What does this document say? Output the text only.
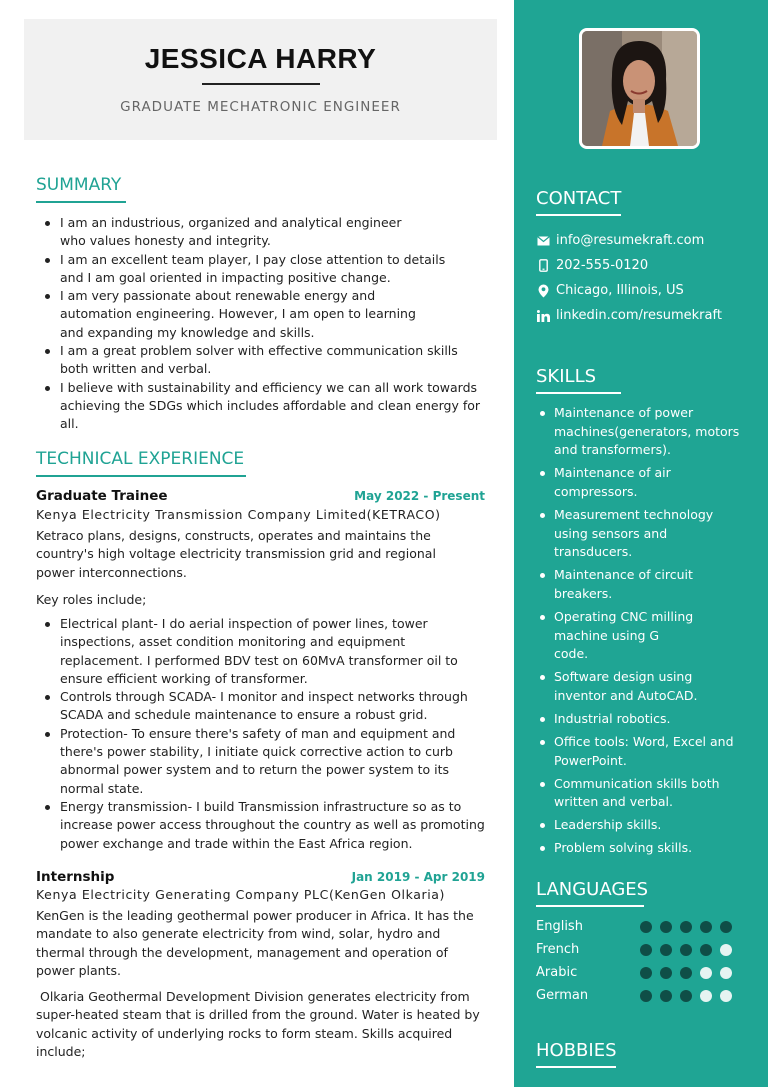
JESSICA HARRY
GRADUATE MECHATRONIC ENGINEER
SUMMARY
I am an industrious, organized and analytical engineer who values honesty and integrity.
I am an excellent team player, I pay close attention to details and I am goal oriented in impacting positive change.
I am very passionate about renewable energy and automation engineering. However, I am open to learning and expanding my knowledge and skills.
I am a great problem solver with effective communication skills both written and verbal.
I believe with sustainability and efficiency we can all work towards achieving the SDGs which includes affordable and clean energy for all.
TECHNICAL EXPERIENCE
Graduate Trainee	May 2022 - Present
Kenya Electricity Transmission Company Limited(KETRACO)
Ketraco plans, designs, constructs, operates and maintains the country's high voltage electricity transmission grid and regional power interconnections.
Key roles include;
Electrical plant- I do aerial inspection of power lines, tower inspections, asset condition monitoring and equipment replacement. I performed BDV test on 60MvA transformer oil to ensure efficient working of transformer.
Controls through SCADA- I monitor and inspect networks through SCADA and schedule maintenance to ensure a robust grid.
Protection- To ensure there's safety of man and equipment and there's power stability, I initiate quick corrective action to curb abnormal power system and to return the power system to its normal state.
Energy transmission- I build Transmission infrastructure so as to increase power access throughout the country as well as promoting power exchange and trade within the East Africa region.
Internship	Jan 2019 - Apr 2019
Kenya Electricity Generating Company PLC(KenGen Olkaria)
KenGen is the leading geothermal power producer in Africa. It has the mandate to also generate electricity from wind, solar, hydro and thermal through the development, management and operation of power plants.
Olkaria Geothermal Development Division generates electricity from super-heated steam that is drilled from the ground. Water is heated by volcanic activity of underlying rocks to form steam. Skills acquired include;
CONTACT
info@resumekraft.com
202-555-0120
Chicago, Illinois, US
linkedin.com/resumekraft
SKILLS
Maintenance of power machines(generators, motors and transformers).
Maintenance of air compressors.
Measurement technology using sensors and transducers.
Maintenance of circuit breakers.
Operating CNC milling machine using G code.
Software design using inventor and AutoCAD.
Industrial robotics.
Office tools: Word, Excel and PowerPoint.
Communication skills both written and verbal.
Leadership skills.
Problem solving skills.
LANGUAGES
English
French
Arabic
German
HOBBIES
